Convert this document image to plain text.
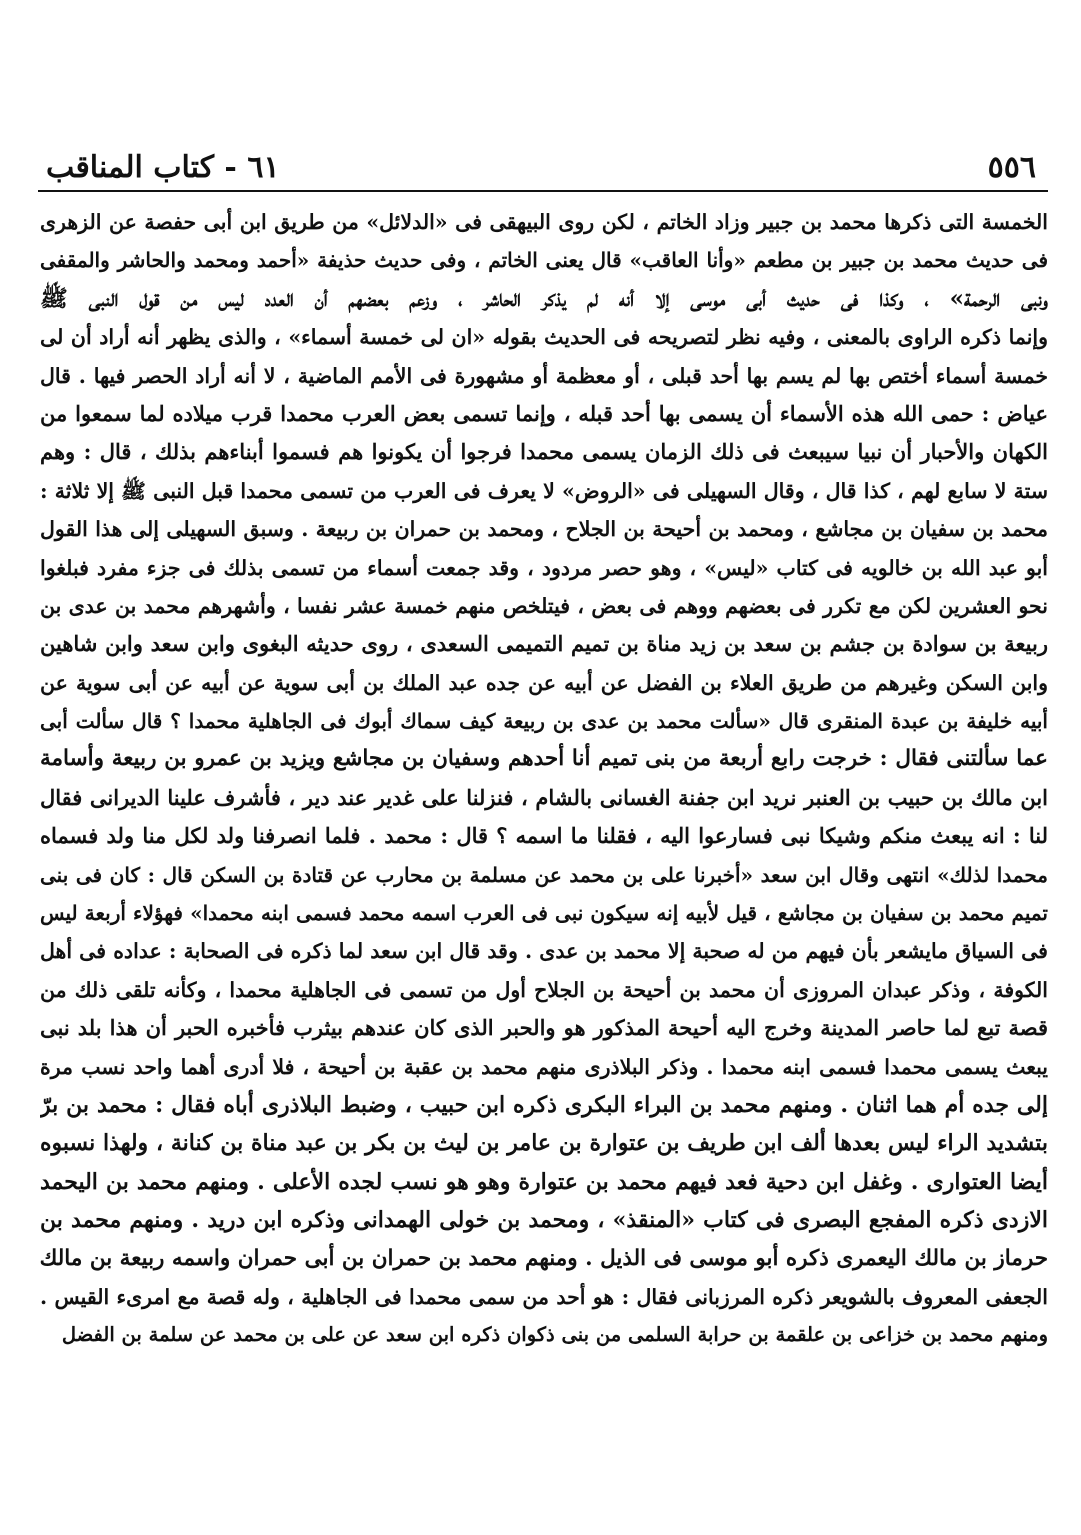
٥٥٦
٦١ - كتاب المناقب
الخمسة التى ذكرها محمد بن جبير وزاد الخاتم ، لكن روى البيهقى فى «الدلائل» من طريق ابن أبى حفصة عن الزهرى
فى حديث محمد بن جبير بن مطعم «وأنا العاقب» قال يعنى الخاتم ، وفى حديث حذيفة «أحمد ومحمد والحاشر والمقفى
ونبى الرحمة» ، وكذا فى حديث أبى موسى إلا أنه لم يذكر الحاشر ، وزعم بعضهم أن العدد ليس من قول النبى ﷺ
وإنما ذكره الراوى بالمعنى ، وفيه نظر لتصريحه فى الحديث بقوله «ان لى خمسة أسماء» ، والذى يظهر أنه أراد أن لى
خمسة أسماء أختص بها لم يسم بها أحد قبلى ، أو معظمة أو مشهورة فى الأمم الماضية ، لا أنه أراد الحصر فيها . قال
عياض : حمى الله هذه الأسماء أن يسمى بها أحد قبله ، وإنما تسمى بعض العرب محمدا قرب ميلاده لما سمعوا من
الكهان والأحبار أن نبيا سيبعث فى ذلك الزمان يسمى محمدا فرجوا أن يكونوا هم فسموا أبناءهم بذلك ، قال : وهم
ستة لا سابع لهم ، كذا قال ، وقال السهيلى فى «الروض» لا يعرف فى العرب من تسمى محمدا قبل النبى ﷺ إلا ثلاثة :
محمد بن سفيان بن مجاشع ، ومحمد بن أحيحة بن الجلاح ، ومحمد بن حمران بن ربيعة . وسبق السهيلى إلى هذا القول
أبو عبد الله بن خالويه فى كتاب «ليس» ، وهو حصر مردود ، وقد جمعت أسماء من تسمى بذلك فى جزء مفرد فبلغوا
نحو العشرين لكن مع تكرر فى بعضهم ووهم فى بعض ، فيتلخص منهم خمسة عشر نفسا ، وأشهرهم محمد بن عدى بن
ربيعة بن سوادة بن جشم بن سعد بن زيد مناة بن تميم التميمى السعدى ، روى حديثه البغوى وابن سعد وابن شاهين
وابن السكن وغيرهم من طريق العلاء بن الفضل عن أبيه عن جده عبد الملك بن أبى سوية عن أبيه عن أبى سوية عن
أبيه خليفة بن عبدة المنقرى قال «سألت محمد بن عدى بن ربيعة كيف سماك أبوك فى الجاهلية محمدا ؟ قال سألت أبى
عما سألتنى فقال : خرجت رابع أربعة من بنى تميم أنا أحدهم وسفيان بن مجاشع ويزيد بن عمرو بن ربيعة وأسامة
ابن مالك بن حبيب بن العنبر نريد ابن جفنة الغسانى بالشام ، فنزلنا على غدير عند دير ، فأشرف علينا الديرانى فقال
لنا : انه يبعث منكم وشيكا نبى فسارعوا اليه ، فقلنا ما اسمه ؟ قال : محمد . فلما انصرفنا ولد لكل منا ولد فسماه
محمدا لذلك» انتهى وقال ابن سعد «أخبرنا على بن محمد عن مسلمة بن محارب عن قتادة بن السكن قال : كان فى بنى
تميم محمد بن سفيان بن مجاشع ، قيل لأبيه إنه سيكون نبى فى العرب اسمه محمد فسمى ابنه محمدا» فهؤلاء أربعة ليس
فى السياق مايشعر بأن فيهم من له صحبة إلا محمد بن عدى . وقد قال ابن سعد لما ذكره فى الصحابة : عداده فى أهل
الكوفة ، وذكر عبدان المروزى أن محمد بن أحيحة بن الجلاح أول من تسمى فى الجاهلية محمدا ، وكأنه تلقى ذلك من
قصة تبع لما حاصر المدينة وخرج اليه أحيحة المذكور هو والحبر الذى كان عندهم بيثرب فأخبره الحبر أن هذا بلد نبى
يبعث يسمى محمدا فسمى ابنه محمدا . وذكر البلاذرى منهم محمد بن عقبة بن أحيحة ، فلا أدرى أهما واحد نسب مرة
إلى جده أم هما اثنان . ومنهم محمد بن البراء البكرى ذكره ابن حبيب ، وضبط البلاذرى أباه فقال : محمد بن برّ
بتشديد الراء ليس بعدها ألف ابن طريف بن عتوارة بن عامر بن ليث بن بكر بن عبد مناة بن كنانة ، ولهذا نسبوه
أيضا العتوارى . وغفل ابن دحية فعد فيهم محمد بن عتوارة وهو هو نسب لجده الأعلى . ومنهم محمد بن اليحمد
الازدى ذكره المفجع البصرى فى كتاب «المنقذ» ، ومحمد بن خولى الهمدانى وذكره ابن دريد . ومنهم محمد بن
حرماز بن مالك اليعمرى ذكره أبو موسى فى الذيل . ومنهم محمد بن حمران بن أبى حمران واسمه ربيعة بن مالك
الجعفى المعروف بالشويعر ذكره المرزبانى فقال : هو أحد من سمى محمدا فى الجاهلية ، وله قصة مع امرىء القيس .
ومنهم محمد بن خزاعى بن علقمة بن حرابة السلمى من بنى ذكوان ذكره ابن سعد عن على بن محمد عن سلمة بن الفضل
